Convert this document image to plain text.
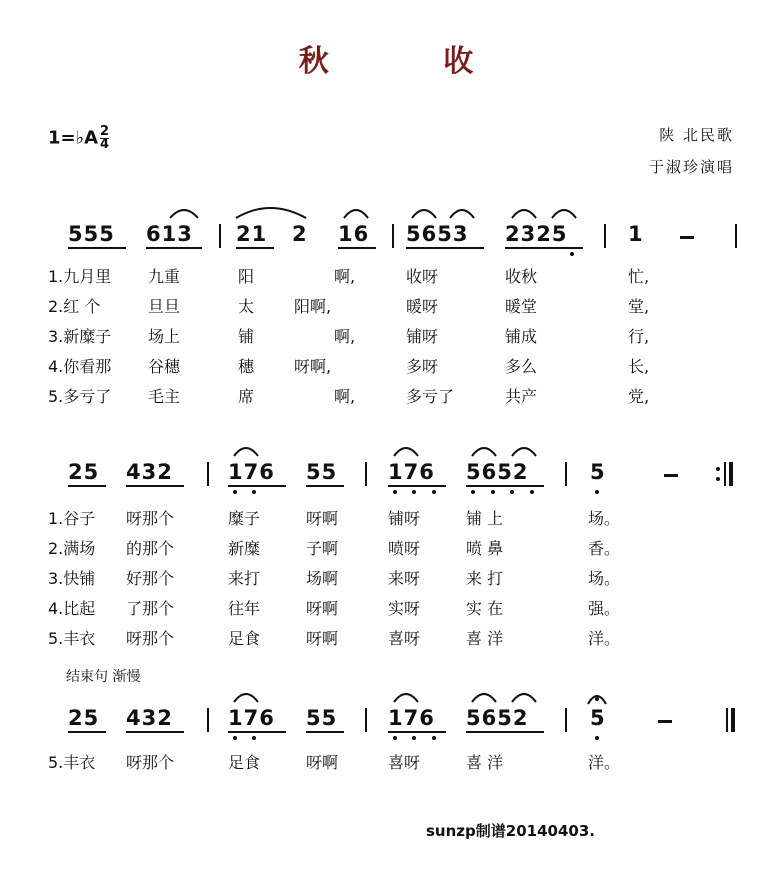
秋 收
1=♭A $\frac{2}{4}$	陕 北民歌
于淑珍演唱
555 613 21 2 16 5653 2325	1
1.九月里 九重	阳	啊,	收呀	收秋	忙,
2.红 个	旦旦	太 阳啊,	暖呀	暖堂	堂,
3.新糜子 场上	铺	啊,	铺呀	铺成	行,
4.你看那 谷穗	穗 呀啊,	多呀	多么	长,
5.多亏了 毛主	席	啊,	多亏了	共产	党,
25 432	176 55 176 5652	5
1.谷子 呀那个	糜子	呀啊	铺呀	铺 上	场。
2.满场 的那个	新糜	子啊	喷呀	喷 鼻	香。
3.快铺 好那个	来打	场啊	来呀	来 打	场。
4.比起 了那个	往年	呀啊	实呀	实 在	强。
5.丰衣 呀那个	足食	呀啊	喜呀	喜 洋	洋。
结束句 渐慢
25 432	176 55 176 5652	5
5.丰衣 呀那个	足食	呀啊	喜呀	喜 洋	洋。
sunzp制谱20140403.
